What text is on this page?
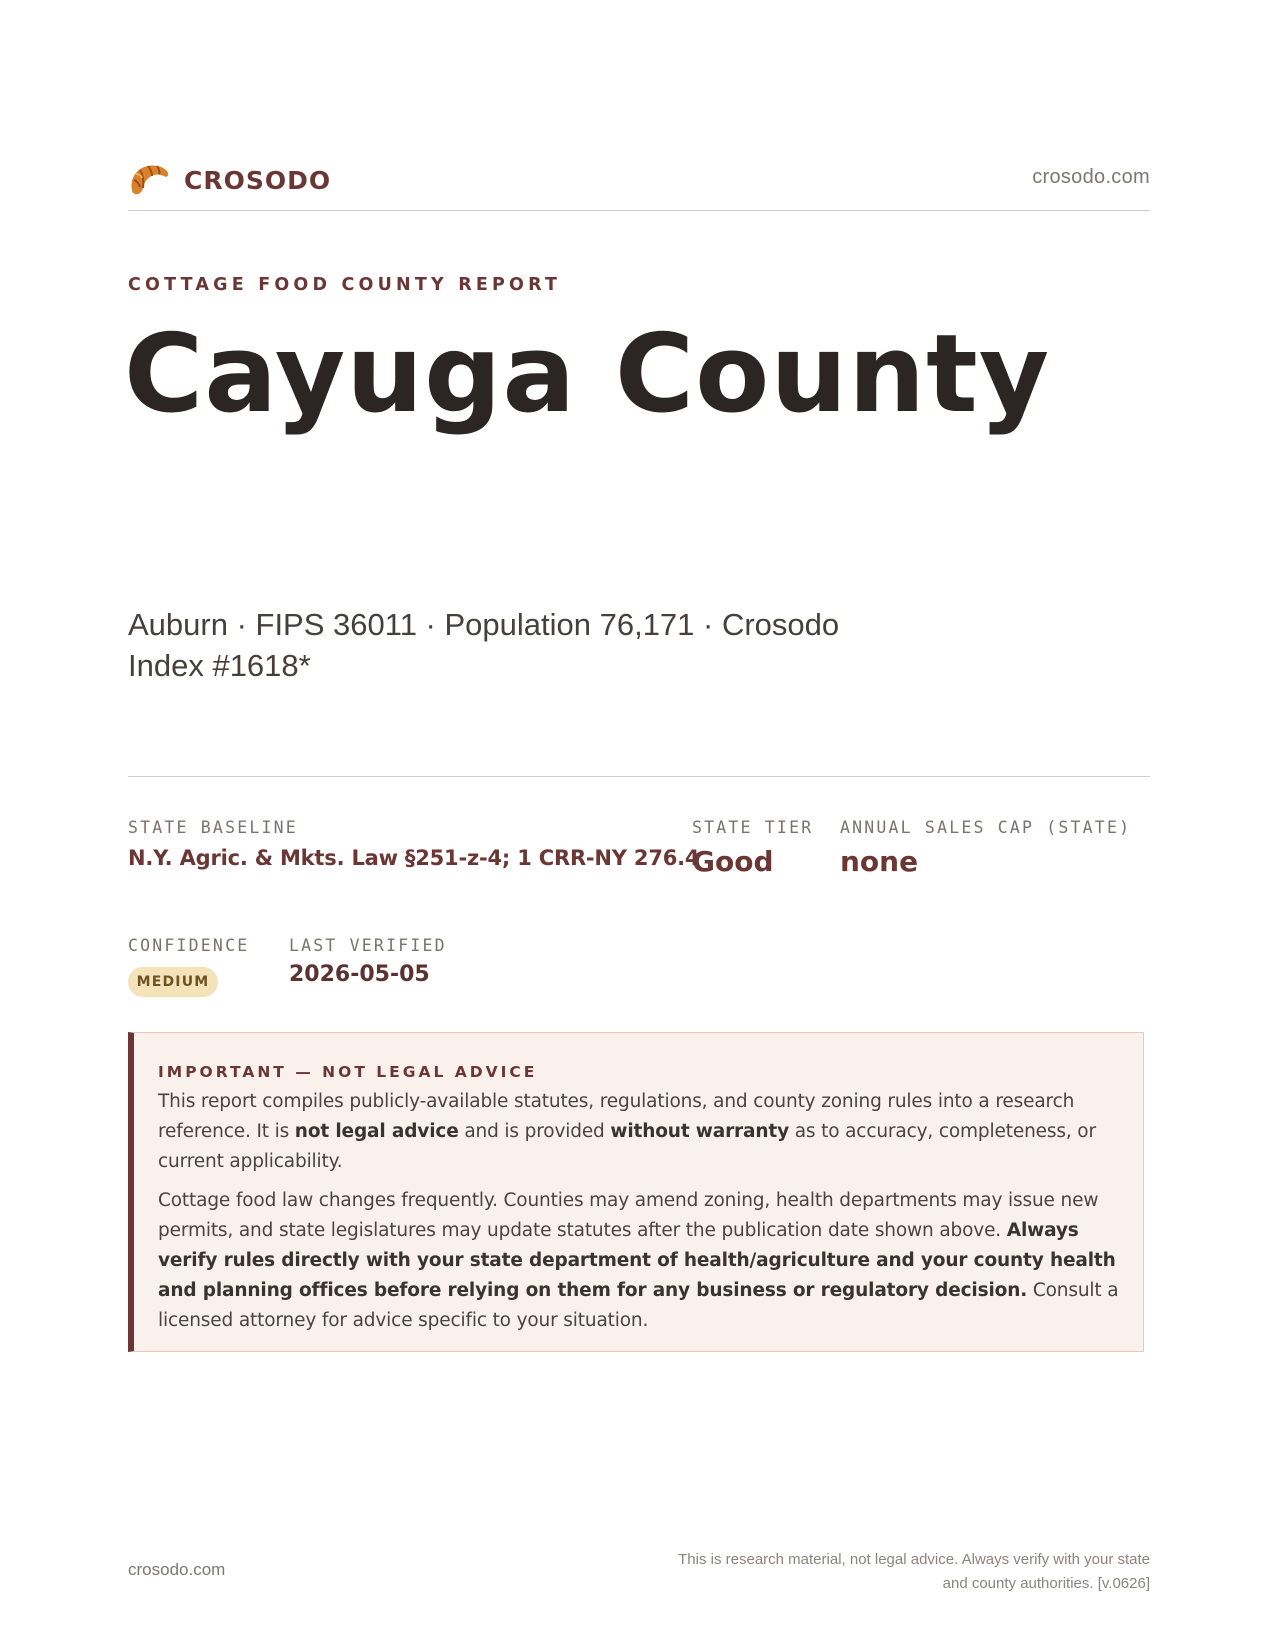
CROSODO	crosodo.com
COTTAGE FOOD COUNTY REPORT
Cayuga County
Auburn · FIPS 36011 · Population 76,171 · Crosodo Index #1618*
STATE BASELINE
N.Y. Agric. & Mkts. Law §251-z-4; 1 CRR-NY 276.4
STATE TIER
Good
ANNUAL SALES CAP (STATE)
none
CONFIDENCE
MEDIUM
LAST VERIFIED
2026-05-05
IMPORTANT — NOT LEGAL ADVICE

This report compiles publicly-available statutes, regulations, and county zoning rules into a research reference. It is not legal advice and is provided without warranty as to accuracy, completeness, or current applicability.

Cottage food law changes frequently. Counties may amend zoning, health departments may issue new permits, and state legislatures may update statutes after the publication date shown above. Always verify rules directly with your state department of health/agriculture and your county health and planning offices before relying on them for any business or regulatory decision. Consult a licensed attorney for advice specific to your situation.

crosodo.com
This is research material, not legal advice. Always verify with your state
and county authorities. [v.0626]
